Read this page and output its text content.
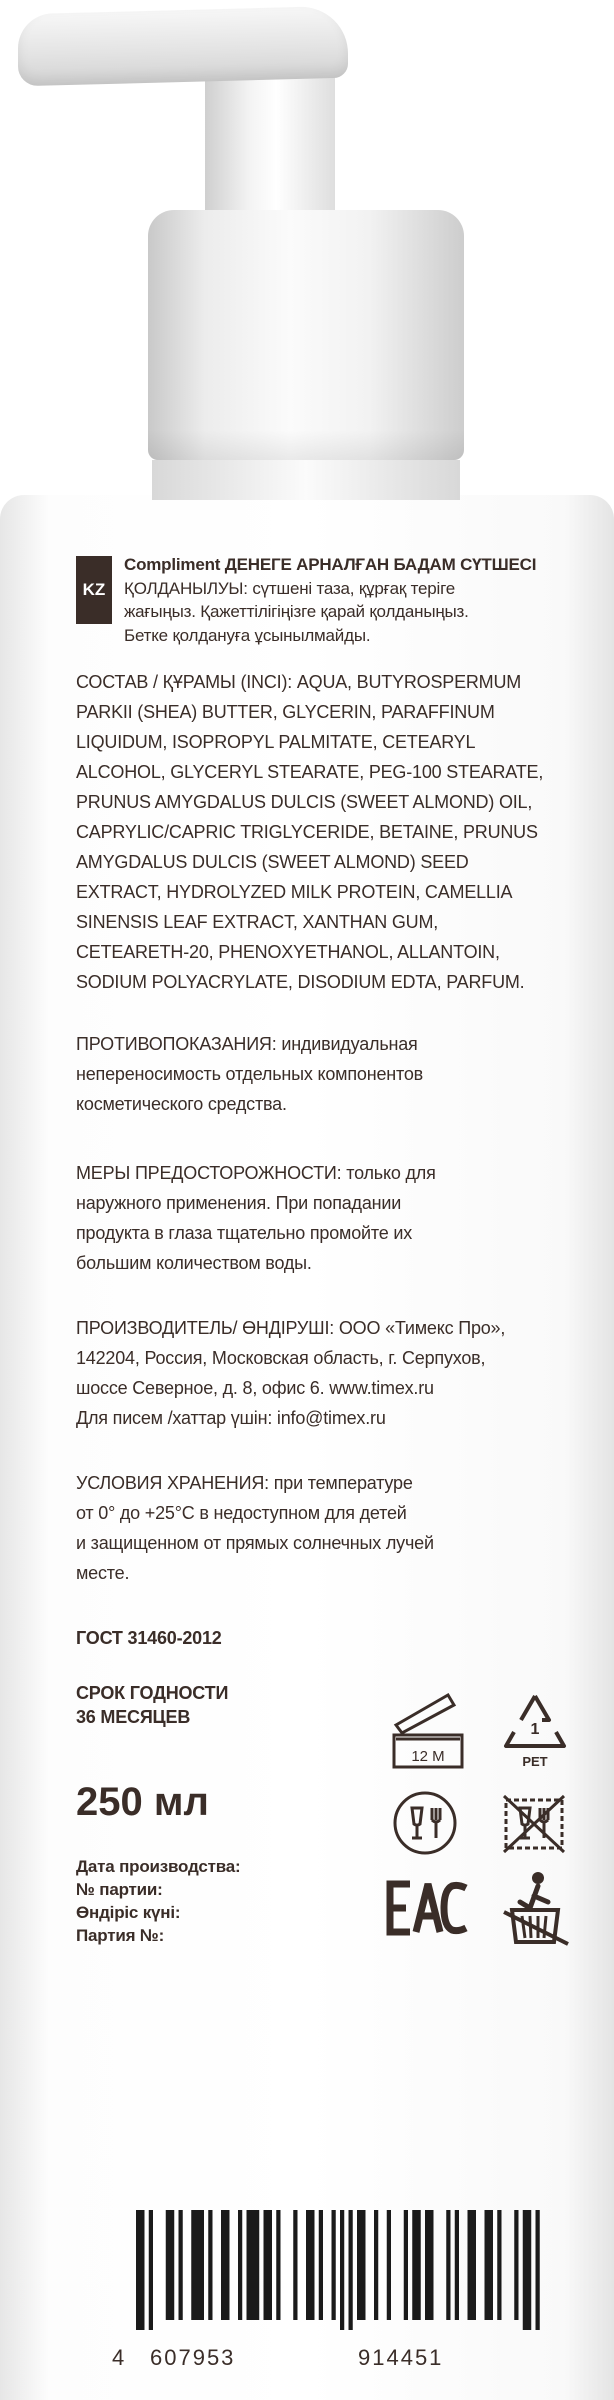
KZ
Compliment ДЕНЕГЕ АРНАЛҒАН БАДАМ СҮТШЕСІ
ҚОЛДАНЫЛУЫ: сүтшені таза, құрғақ теріге
жағыңыз. Қажеттілігіңізге қарай қолданыңыз.
Бетке қолдануға ұсынылмайды.
СОСТАВ / ҚҰРАМЫ (INCI): AQUA, BUTYROSPERMUM
PARKII (SHEA) BUTTER, GLYCERIN, PARAFFINUM
LIQUIDUM, ISOPROPYL PALMITATE, CETEARYL
ALCOHOL, GLYCERYL STEARATE, PEG-100 STEARATE,
PRUNUS AMYGDALUS DULCIS (SWEET ALMOND) OIL,
CAPRYLIC/CAPRIC TRIGLYCERIDE, BETAINE, PRUNUS
AMYGDALUS DULCIS (SWEET ALMOND) SEED
EXTRACT, HYDROLYZED MILK PROTEIN, CAMELLIA
SINENSIS LEAF EXTRACT, XANTHAN GUM,
CETEARETH-20, PHENOXYETHANOL, ALLANTOIN,
SODIUM POLYACRYLATE, DISODIUM EDTA, PARFUM.
ПРОТИВОПОКАЗАНИЯ: индивидуальная
непереносимость отдельных компонентов
косметического средства.
МЕРЫ ПРЕДОСТОРОЖНОСТИ: только для
наружного применения. При попадании
продукта в глаза тщательно промойте их
большим количеством воды.
ПРОИЗВОДИТЕЛЬ/ ӨНДІРУШІ: ООО «Тимекс Про»,
142204, Россия, Московская область, г. Серпухов,
шоссе Северное, д. 8, офис 6. www.timex.ru
Для писем /хаттар үшін: info@timex.ru
УСЛОВИЯ ХРАНЕНИЯ: при температуре
от 0° до +25°С в недоступном для детей
и защищенном от прямых солнечных лучей
месте.
ГОСТ 31460-2012
СРОК ГОДНОСТИ
36 МЕСЯЦЕВ
250 мл
Дата производства:
№ партии:
Өндіріс күні:
Партия №:
12 M
1
PET
4 607953	914451
